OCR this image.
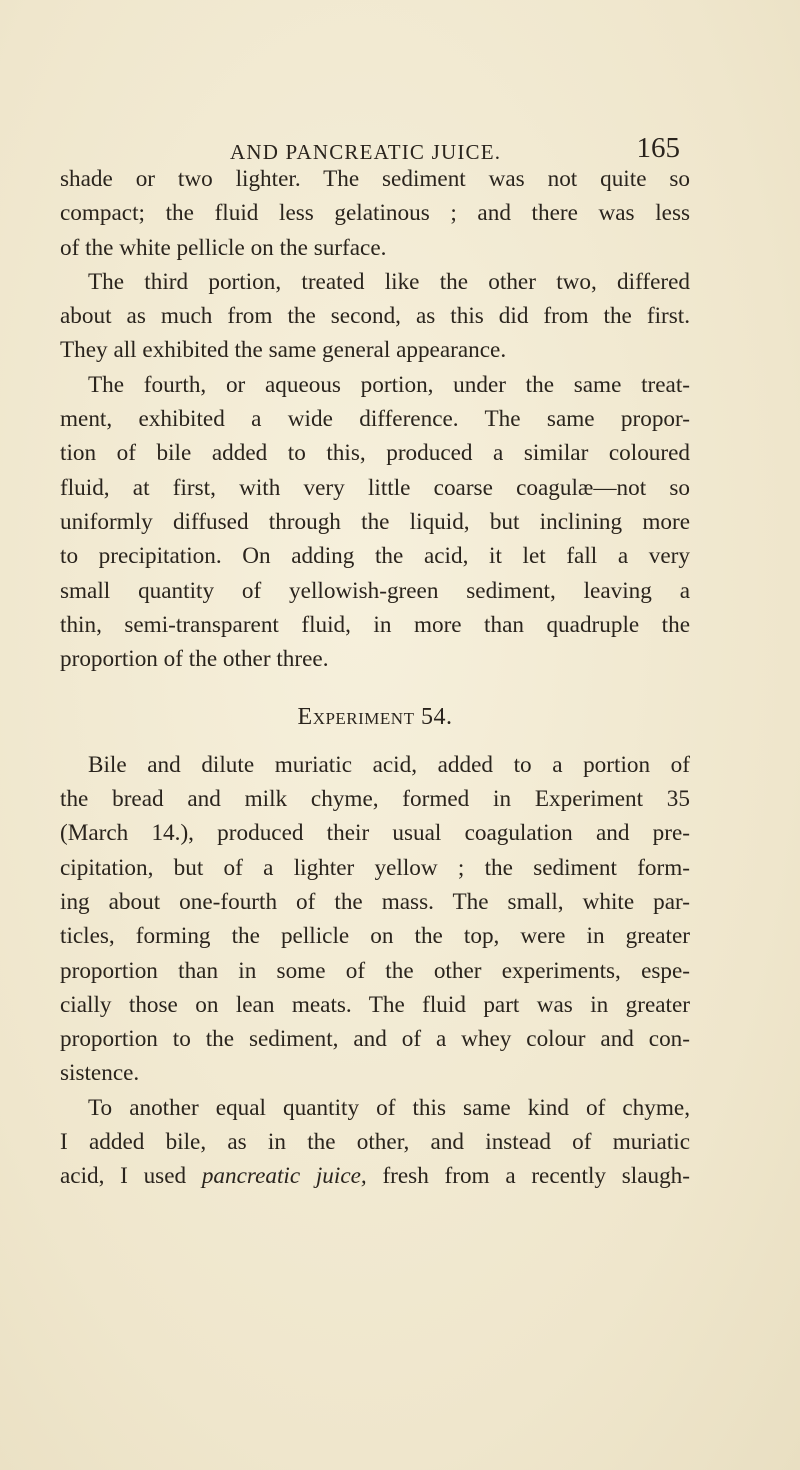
AND PANCREATIC JUICE.	165
shade or two lighter. The sediment was not quite so
compact; the fluid less gelatinous ; and there was less
of the white pellicle on the surface.
The third portion, treated like the other two, differed
about as much from the second, as this did from the first.
They all exhibited the same general appearance.
The fourth, or aqueous portion, under the same treat-
ment, exhibited a wide difference. The same propor-
tion of bile added to this, produced a similar coloured
fluid, at first, with very little coarse coagulæ—not so
uniformly diffused through the liquid, but inclining more
to precipitation. On adding the acid, it let fall a very
small quantity of yellowish-green sediment, leaving a
thin, semi-transparent fluid, in more than quadruple the
proportion of the other three.
Experiment 54.
Bile and dilute muriatic acid, added to a portion of
the bread and milk chyme, formed in Experiment 35
(March 14.), produced their usual coagulation and pre-
cipitation, but of a lighter yellow ; the sediment form-
ing about one-fourth of the mass. The small, white par-
ticles, forming the pellicle on the top, were in greater
proportion than in some of the other experiments, espe-
cially those on lean meats. The fluid part was in greater
proportion to the sediment, and of a whey colour and con-
sistence.
To another equal quantity of this same kind of chyme,
I added bile, as in the other, and instead of muriatic
acid, I used pancreatic juice, fresh from a recently slaugh-
